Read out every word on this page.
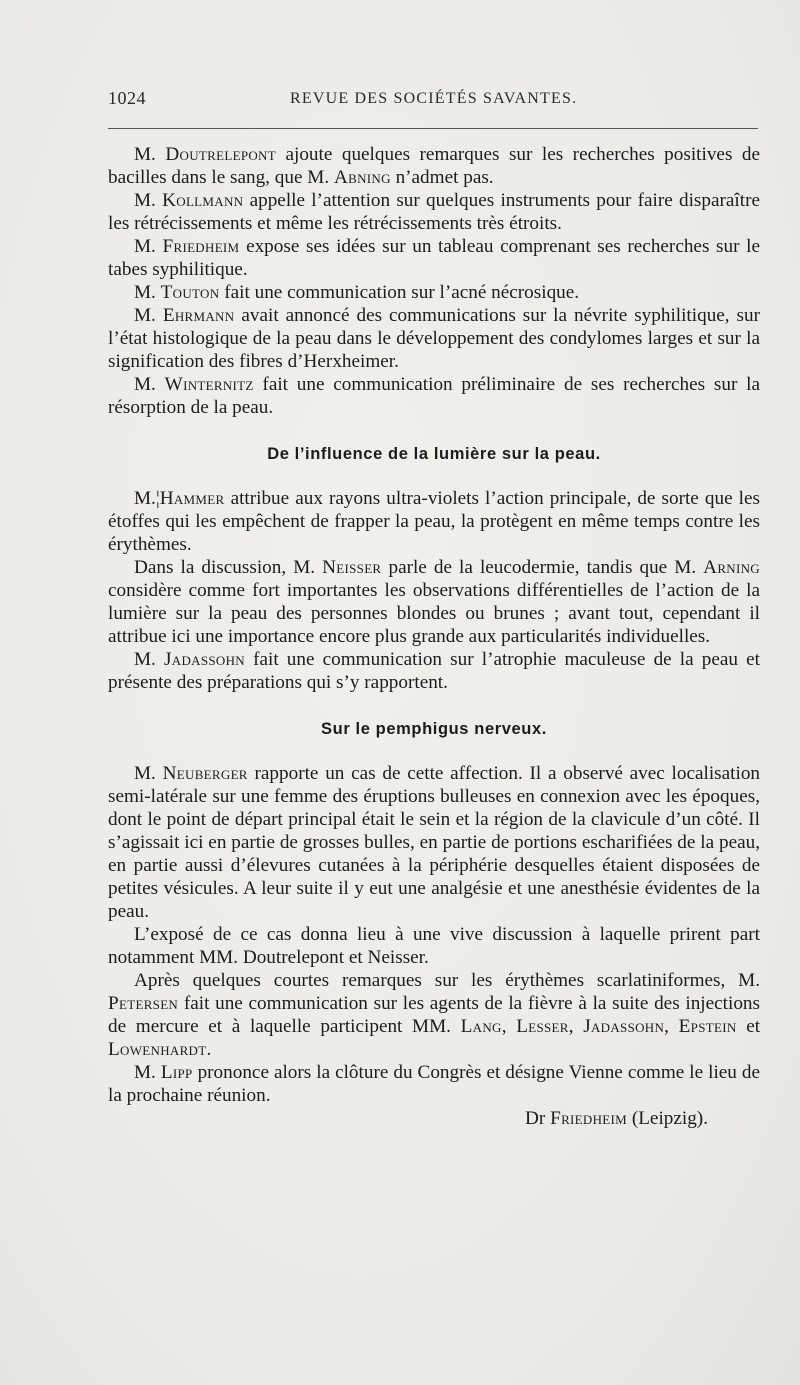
1024	REVUE DES SOCIÉTÉS SAVANTES.

M. Doutrelepont ajoute quelques remarques sur les recherches positives de bacilles dans le sang, que M. Abning n’admet pas.

M. Kollmann appelle l’attention sur quelques instruments pour faire disparaître les rétrécissements et même les rétrécissements très étroits.

M. Friedheim expose ses idées sur un tableau comprenant ses recherches sur le tabes syphilitique.

M. Touton fait une communication sur l’acné nécrosique.

M. Ehrmann avait annoncé des communications sur la névrite syphilitique, sur l’état histologique de la peau dans le développement des condylomes larges et sur la signification des fibres d’Herxheimer.

M. Winternitz fait une communication préliminaire de ses recherches sur la résorption de la peau.

De l’influence de la lumière sur la peau.

M.¦Hammer attribue aux rayons ultra-violets l’action principale, de sorte que les étoffes qui les empêchent de frapper la peau, la protègent en même temps contre les érythèmes.

Dans la discussion, M. Neisser parle de la leucodermie, tandis que M. Arning considère comme fort importantes les observations différentielles de l’action de la lumière sur la peau des personnes blondes ou brunes ; avant tout, cependant il attribue ici une importance encore plus grande aux particularités individuelles.

M. Jadassohn fait une communication sur l’atrophie maculeuse de la peau et présente des préparations qui s’y rapportent.

Sur le pemphigus nerveux.

M. Neuberger rapporte un cas de cette affection. Il a observé avec localisation semi-latérale sur une femme des éruptions bulleuses en connexion avec les époques, dont le point de départ principal était le sein et la région de la clavicule d’un côté. Il s’agissait ici en partie de grosses bulles, en partie de portions escharifiées de la peau, en partie aussi d’élevures cutanées à la périphérie desquelles étaient disposées de petites vésicules. A leur suite il y eut une analgésie et une anesthésie évidentes de la peau.

L’exposé de ce cas donna lieu à une vive discussion à laquelle prirent part notamment MM. Doutrelepont et Neisser.

Après quelques courtes remarques sur les érythèmes scarlatiniformes, M. Petersen fait une communication sur les agents de la fièvre à la suite des injections de mercure et à laquelle participent MM. Lang, Lesser, Jadassohn, Epstein et Lowenhardt.

M. Lipp prononce alors la clôture du Congrès et désigne Vienne comme le lieu de la prochaine réunion.

Dr Friedheim (Leipzig).
